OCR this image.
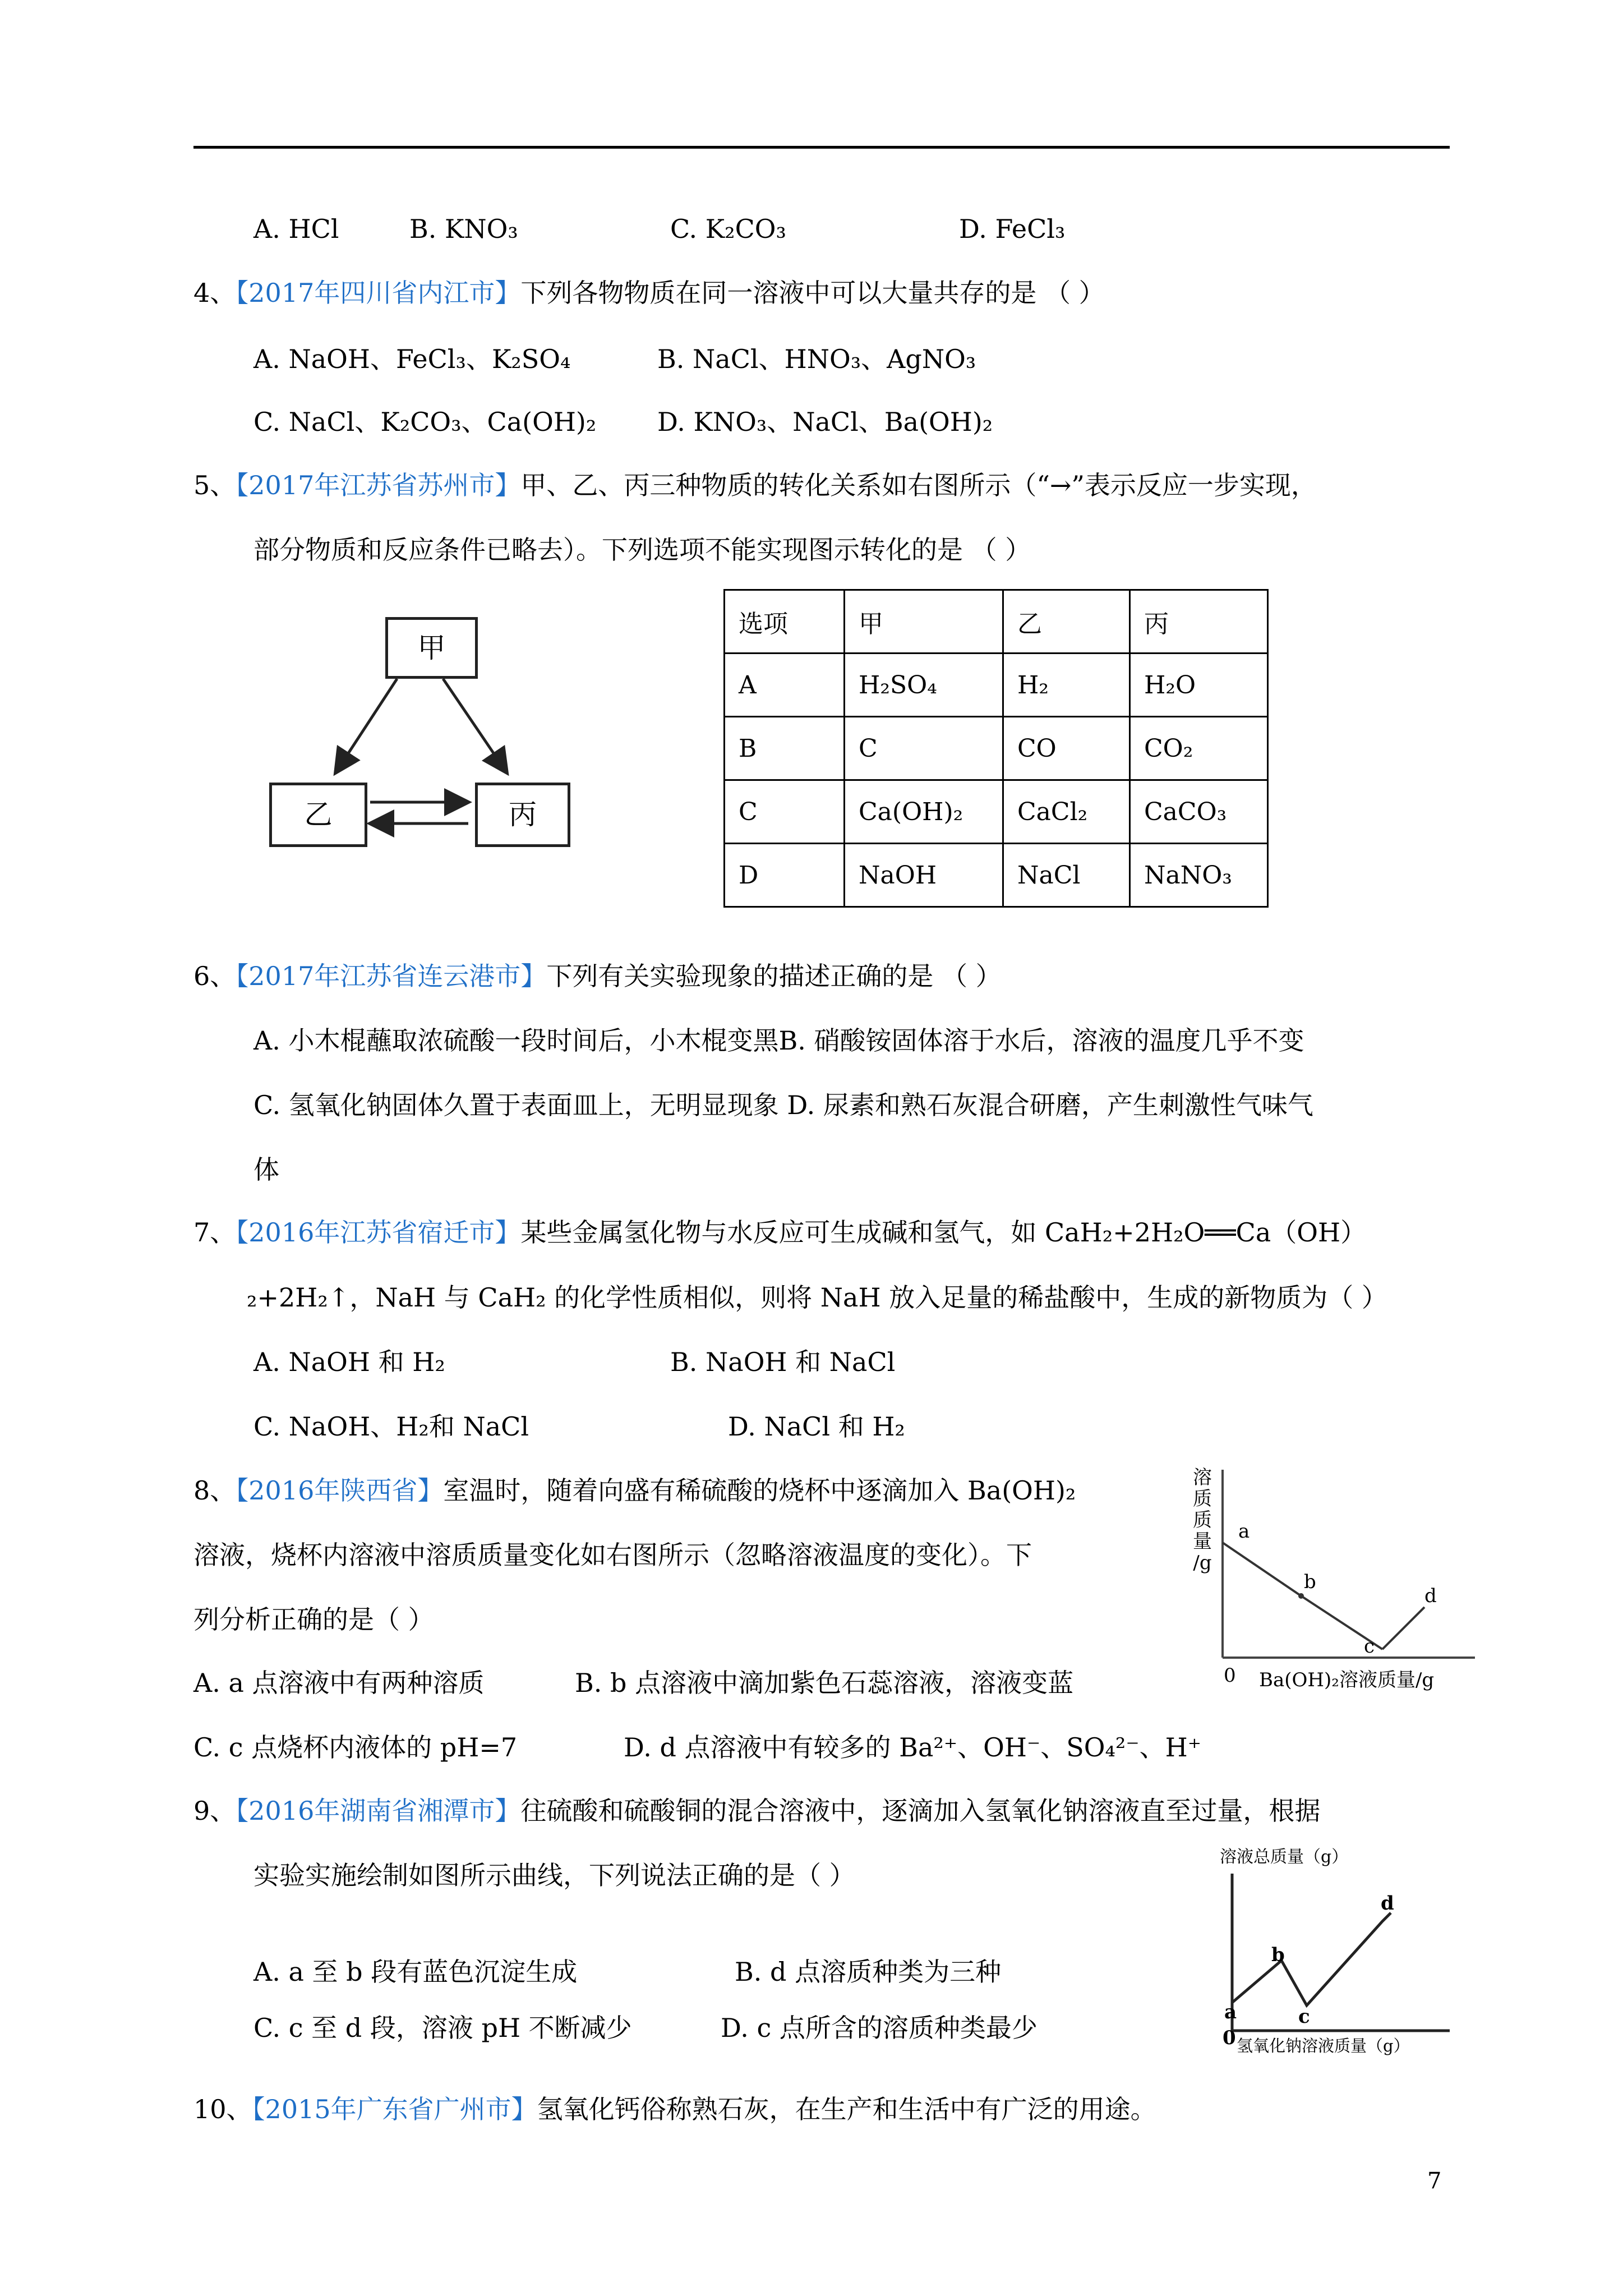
A. HCl	B. KNO₃	C. K₂CO₃	D. FeCl₃
4、【2017年四川省内江市】下列各物物质在同一溶液中可以大量共存的是 （ ）
A. NaOH、FeCl₃、K₂SO₄	B. NaCl、HNO₃、AgNO₃
C. NaCl、K₂CO₃、Ca(OH)₂ D. KNO₃、NaCl、Ba(OH)₂
5、【2017年江苏省苏州市】甲、乙、丙三种物质的转化关系如右图所示（“→”表示反应一步实现，
部分物质和反应条件已略去）。下列选项不能实现图示转化的是 （ ）
甲
乙	丙
选项	甲	乙	丙
A	H₂SO₄	H₂	H₂O
B	C	CO	CO₂
C	Ca(OH)₂	CaCl₂	CaCO₃
D	NaOH	NaCl	NaNO₃
6、【2017年江苏省连云港市】下列有关实验现象的描述正确的是 （ ）
A. 小木棍蘸取浓硫酸一段时间后，小木棍变黑B. 硝酸铵固体溶于水后，溶液的温度几乎不变
C. 氢氧化钠固体久置于表面皿上，无明显现象 D. 尿素和熟石灰混合研磨，产生刺激性气味气
体
7、【2016年江苏省宿迁市】某些金属氢化物与水反应可生成碱和氢气，如 CaH₂+2H₂O══Ca（OH）
₂+2H₂↑，NaH 与 CaH₂ 的化学性质相似，则将 NaH 放入足量的稀盐酸中，生成的新物质为（ ）
A. NaOH 和 H₂	B. NaOH 和 NaCl
C. NaOH、H₂和 NaCl	D. NaCl 和 H₂
8、【2016年陕西省】室温时，随着向盛有稀硫酸的烧杯中逐滴加入 Ba(OH)₂
溶液，烧杯内溶液中溶质质量变化如右图所示（忽略溶液温度的变化）。下
列分析正确的是（ ）
A. a 点溶液中有两种溶质	B. b 点溶液中滴加紫色石蕊溶液，溶液变蓝
C. c 点烧杯内液体的 pH=7	D. d 点溶液中有较多的 Ba²⁺、OH⁻、SO₄²⁻、H⁺
溶
质
质
量
/g
a
b
c
d
0 Ba(OH)₂溶液质量/g
9、【2016年湖南省湘潭市】往硫酸和硫酸铜的混合溶液中，逐滴加入氢氧化钠溶液直至过量，根据
实验实施绘制如图所示曲线，下列说法正确的是（ ）
A. a 至 b 段有蓝色沉淀生成	B. d 点溶质种类为三种
C. c 至 d 段，溶液 pH 不断减少	D. c 点所含的溶质种类最少
溶液总质量（g）
a
b
c
d
0 氢氧化钠溶液质量（g）
10、【2015年广东省广州市】氢氧化钙俗称熟石灰，在生产和生活中有广泛的用途。
7
